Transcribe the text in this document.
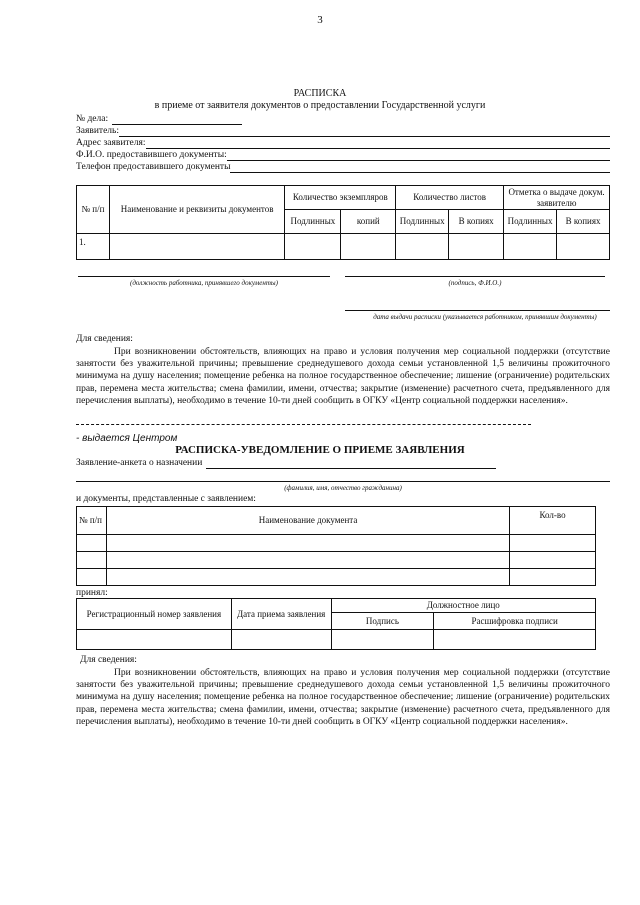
3
РАСПИСКА
в приеме от заявителя документов о предоставлении Государственной услуги
№ дела:
Заявитель:
Адрес заявителя:
Ф.И.О. предоставившего документы:
Телефон предоставившего документы
№ п/п	Наименование и реквизиты документов	Количество экземпляров		Количество листов		Отметка о выдаче докум. заявителю	
		Подлинных	копий	Подлинных	В копиях	Подлинных	В копиях
1.							
(должность работника, принявшего документы)	(подпись, Ф.И.О.)
дата выдачи расписки (указывается работником, принявшим документы)
Для сведения:
При возникновении обстоятельств, влияющих на право и условия получения мер социальной поддержки (отсутствие занятости без уважительной причины; превышение среднедушевого дохода семьи установленной 1,5 величины прожиточного минимума на душу населения; помещение ребенка на полное государственное обеспечение; лишение (ограничение) родительских прав, перемена места жительства; смена фамилии, имени, отчества; закрытие (изменение) расчетного счета, предъявленного для перечисления выплаты), необходимо в течение 10-ти дней сообщить в ОГКУ «Центр социальной поддержки населения».
- выдается Центром
РАСПИСКА-УВЕДОМЛЕНИЕ О ПРИЕМЕ ЗАЯВЛЕНИЯ
Заявление-анкета о назначении
(фамилия, имя, отчество гражданина)
и документы, представленные с заявлением:
№ п/п	Наименование документа	Кол-во

принял:
Регистрационный номер заявления	Дата приема заявления	Должностное лицо	
		Подпись	Расшифровка подписи

Для сведения:
При возникновении обстоятельств, влияющих на право и условия получения мер социальной поддержки (отсутствие занятости без уважительной причины; превышение среднедушевого дохода семьи установленной 1,5 величины прожиточного минимума на душу населения; помещение ребенка на полное государственное обеспечение; лишение (ограничение) родительских прав, перемена места жительства; смена фамилии, имени, отчества; закрытие (изменение) расчетного счета, предъявленного для перечисления выплаты), необходимо в течение 10-ти дней сообщить в ОГКУ «Центр социальной поддержки населения».
